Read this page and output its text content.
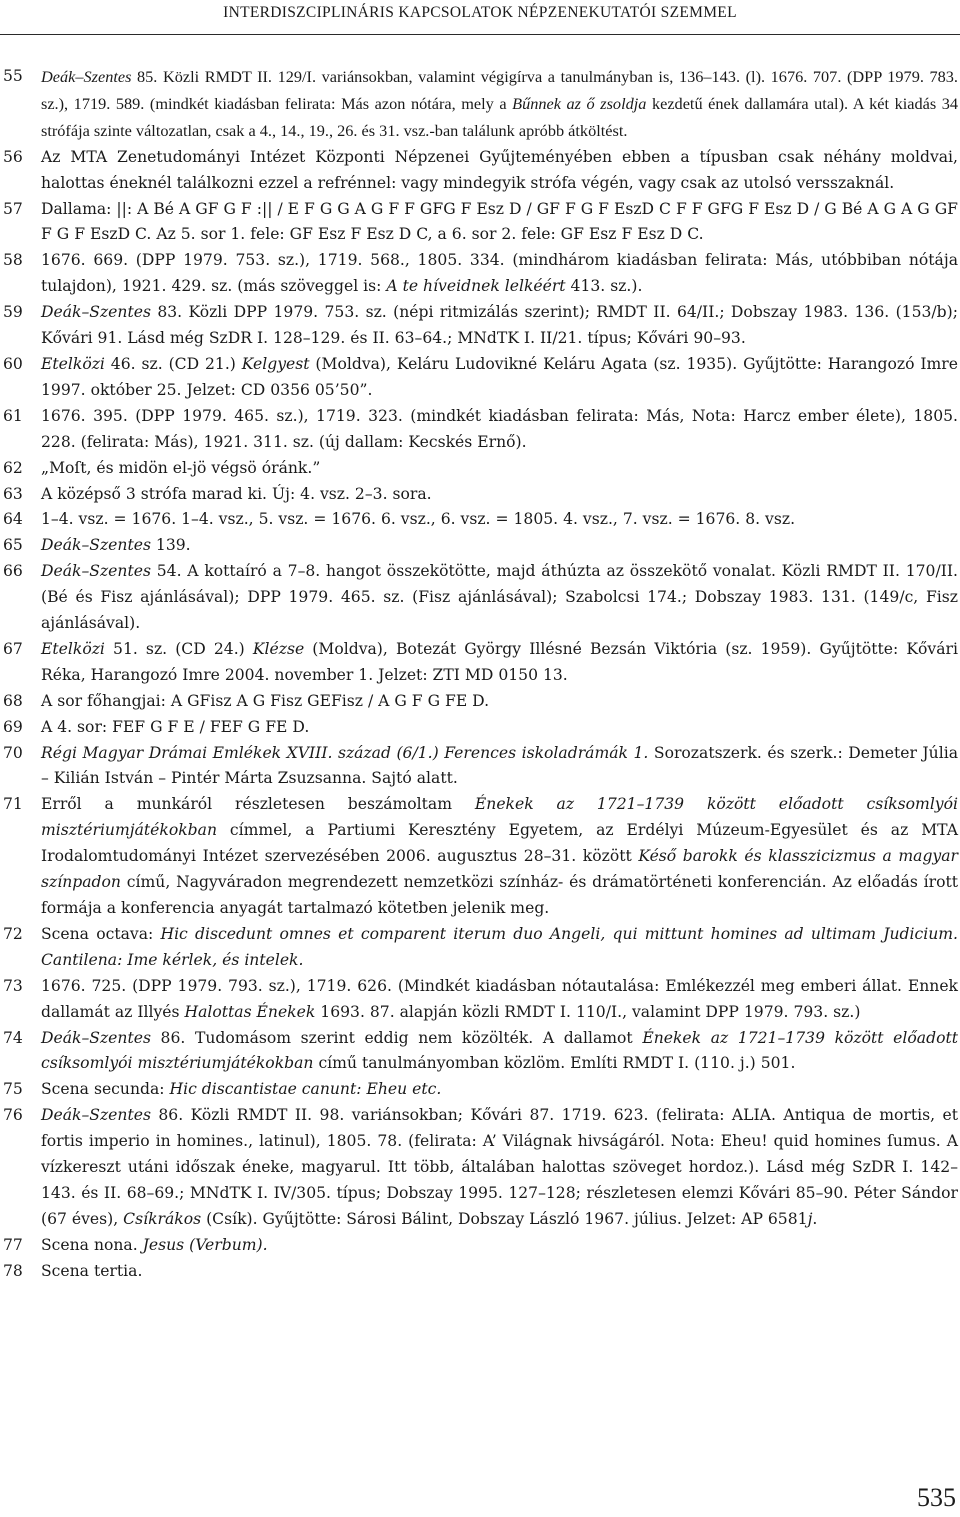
INTERDISZCIPLINÁRIS KAPCSOLATOK NÉPZENEKUTATÓI SZEMMEL
55 Deák–Szentes 85. Közli RMDT II. 129/I. variánsokban, valamint végigírva a tanulmányban is, 136–143. (l). 1676. 707. (DPP 1979. 783. sz.), 1719. 589. (mindkét kiadásban felirata: Más azon nótára, mely a Bűnnek az ő zsoldja kezdetű ének dallamára utal). A két kiadás 34 strófája szinte változatlan, csak a 4., 14., 19., 26. és 31. vsz.-ban találunk apróbb átköltést.
56 Az MTA Zenetudományi Intézet Központi Népzenei Gyűjteményében ebben a típusban csak néhány moldvai, halottas éneknél találkozni ezzel a refrénnel: vagy mindegyik strófa végén, vagy csak az utolsó versszaknál.
57 Dallama: ||: A Bé A GF G F :|| / E F G G A G F F GFG F Esz D / GF F G F EszD C F F GFG F Esz D / G Bé A G A G GF F G F EszD C. Az 5. sor 1. fele: GF Esz F Esz D C, a 6. sor 2. fele: GF Esz F Esz D C.
58 1676. 669. (DPP 1979. 753. sz.), 1719. 568., 1805. 334. (mindhárom kiadásban felirata: Más, utóbbiban nótája tulajdon), 1921. 429. sz. (más szöveggel is: A te híveidnek lelkéért 413. sz.).
59 Deák–Szentes 83. Közli DPP 1979. 753. sz. (népi ritmizálás szerint); RMDT II. 64/II.; Dobszay 1983. 136. (153/b); Kővári 91. Lásd még SzDR I. 128–129. és II. 63–64.; MNdTK I. II/21. típus; Kővári 90–93.
60 Etelközi 46. sz. (CD 21.) Kelgyest (Moldva), Keláru Ludovikné Keláru Agata (sz. 1935). Gyűjtötte: Harangozó Imre 1997. október 25. Jelzet: CD 0356 05’50”.
61 1676. 395. (DPP 1979. 465. sz.), 1719. 323. (mindkét kiadásban felirata: Más, Nota: Harcz ember élete), 1805. 228. (felirata: Más), 1921. 311. sz. (új dallam: Kecskés Ernő).
62 „Moſt, és midön el-jö végsö óránk.”
63 A középső 3 strófa marad ki. Új: 4. vsz. 2–3. sora.
64 1–4. vsz. = 1676. 1–4. vsz., 5. vsz. = 1676. 6. vsz., 6. vsz. = 1805. 4. vsz., 7. vsz. = 1676. 8. vsz.
65 Deák–Szentes 139.
66 Deák–Szentes 54. A kottaíró a 7–8. hangot összekötötte, majd áthúzta az összekötő vonalat. Közli RMDT II. 170/II. (Bé és Fisz ajánlásával); DPP 1979. 465. sz. (Fisz ajánlásával); Szabolcsi 174.; Dobszay 1983. 131. (149/c, Fisz ajánlásával).
67 Etelközi 51. sz. (CD 24.) Klézse (Moldva), Botezát György Illésné Bezsán Viktória (sz. 1959). Gyűjtötte: Kővári Réka, Harangozó Imre 2004. november 1. Jelzet: ZTI MD 0150 13.
68 A sor főhangjai: A GFisz A G Fisz GEFisz / A G F G FE D.
69 A 4. sor: FEF G F E / FEF G FE D.
70 Régi Magyar Drámai Emlékek XVIII. század (6/1.) Ferences iskoladrámák 1. Sorozatszerk. és szerk.: Demeter Júlia – Kilián István – Pintér Márta Zsuzsanna. Sajtó alatt.
71 Erről a munkáról részletesen beszámoltam Énekek az 1721–1739 között előadott csíksomlyói misztériumjátékokban címmel, a Partiumi Keresztény Egyetem, az Erdélyi Múzeum-Egyesület és az MTA Irodalomtudományi Intézet szervezésében 2006. augusztus 28–31. között Késő barokk és klasszicizmus a magyar színpadon című, Nagyváradon megrendezett nemzetközi színház- és drámatörténeti konferencián. Az előadás írott formája a konferencia anyagát tartalmazó kötetben jelenik meg.
72 Scena octava: Hic discedunt omnes et comparent iterum duo Angeli, qui mittunt homines ad ultimam Judicium. Cantilena: Ime kérlek, és intelek.
73 1676. 725. (DPP 1979. 793. sz.), 1719. 626. (Mindkét kiadásban nótautalása: Emlékezzél meg emberi állat. Ennek dallamát az Illyés Halottas Énekek 1693. 87. alapján közli RMDT I. 110/I., valamint DPP 1979. 793. sz.)
74 Deák–Szentes 86. Tudomásom szerint eddig nem közölték. A dallamot Énekek az 1721–1739 között előadott csíksomlyói misztériumjátékokban című tanulmányomban közlöm. Említi RMDT I. (110. j.) 501.
75 Scena secunda: Hic discantistae canunt: Eheu etc.
76 Deák–Szentes 86. Közli RMDT II. 98. variánsokban; Kővári 87. 1719. 623. (felirata: ALIA. Antiqua de mortis, et fortis imperio in homines., latinul), 1805. 78. (felirata: A’ Világnak hivságáról. Nota: Eheu! quid homines ſumus. A vízkereszt utáni időszak éneke, magyarul. Itt több, általában halottas szöveget hordoz.). Lásd még SzDR I. 142–143. és II. 68–69.; MNdTK I. IV/305. típus; Dobszay 1995. 127–128; részletesen elemzi Kővári 85–90. Péter Sándor (67 éves), Csíkrákos (Csík). Gyűjtötte: Sárosi Bálint, Dobszay László 1967. július. Jelzet: AP 6581j.
77 Scena nona. Jesus (Verbum).
78 Scena tertia.
535
